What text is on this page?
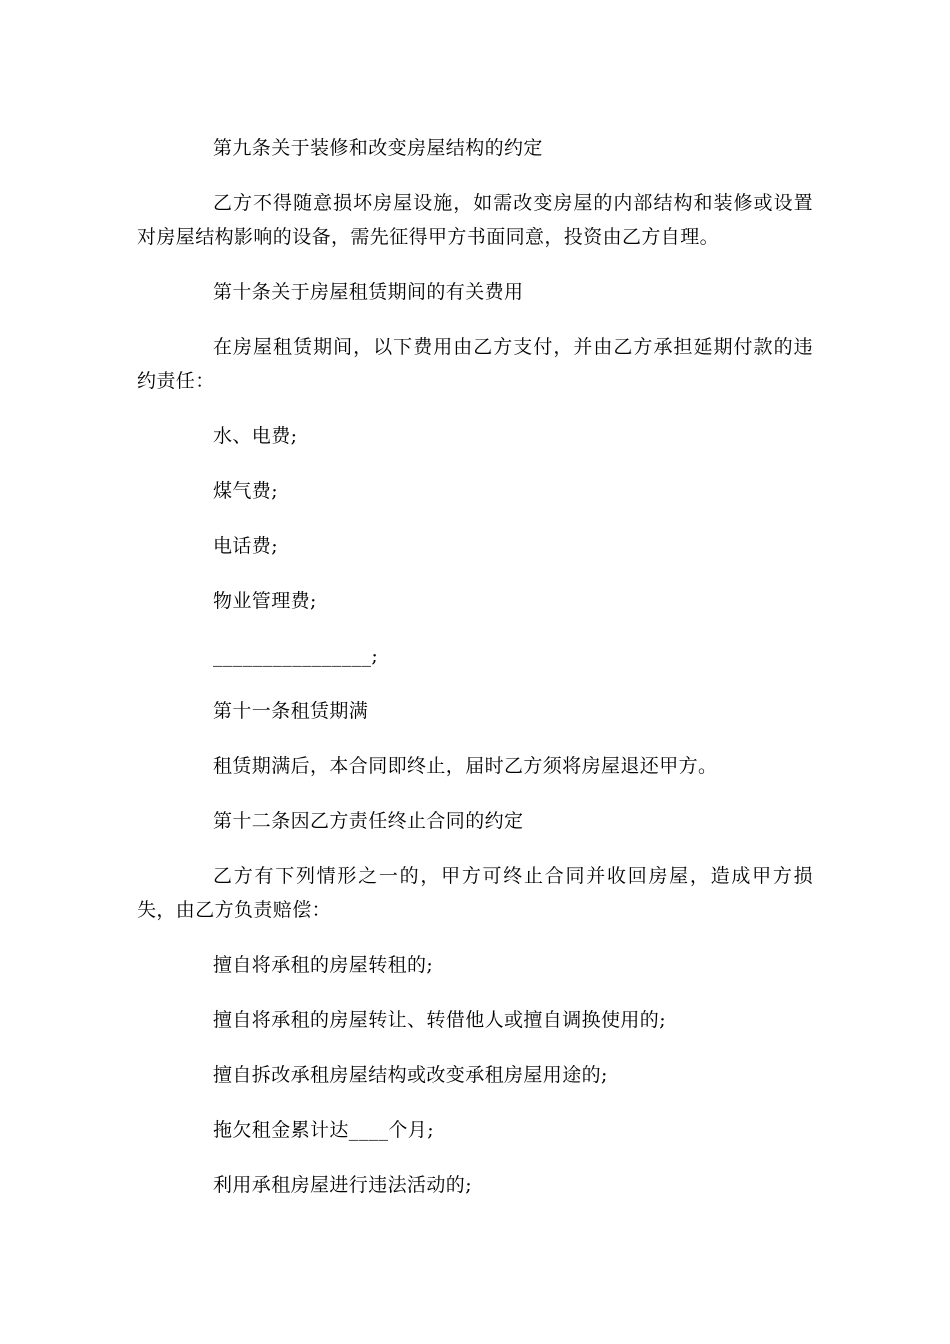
第九条关于装修和改变房屋结构的约定

乙方不得随意损坏房屋设施，如需改变房屋的内部结构和装修或设置对房屋结构影响的设备，需先征得甲方书面同意，投资由乙方自理。

第十条关于房屋租赁期间的有关费用

在房屋租赁期间，以下费用由乙方支付，并由乙方承担延期付款的违约责任：

水、电费;

煤气费;

电话费;

物业管理费;

________________;

第十一条租赁期满

租赁期满后，本合同即终止，届时乙方须将房屋退还甲方。

第十二条因乙方责任终止合同的约定

乙方有下列情形之一的，甲方可终止合同并收回房屋，造成甲方损失，由乙方负责赔偿：

擅自将承租的房屋转租的;

擅自将承租的房屋转让、转借他人或擅自调换使用的;

擅自拆改承租房屋结构或改变承租房屋用途的;

拖欠租金累计达____个月;

利用承租房屋进行违法活动的;
